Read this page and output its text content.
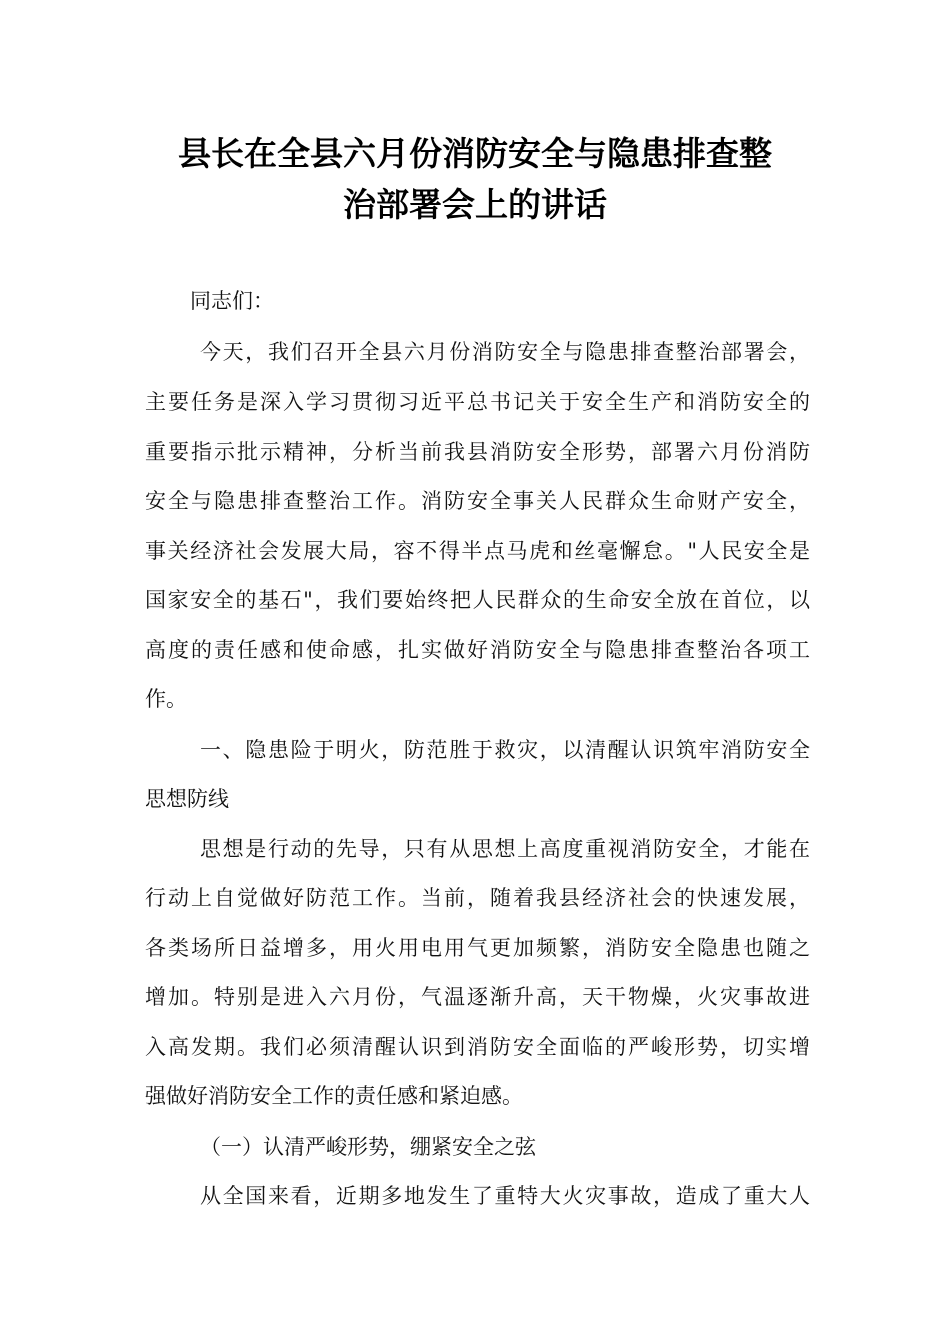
县长在全县六月份消防安全与隐患排查整
治部署会上的讲话
同志们：
今天，我们召开全县六月份消防安全与隐患排查整治部署会，
主要任务是深入学习贯彻习近平总书记关于安全生产和消防安全的
重要指示批示精神，分析当前我县消防安全形势，部署六月份消防
安全与隐患排查整治工作。消防安全事关人民群众生命财产安全，
事关经济社会发展大局，容不得半点马虎和丝毫懈怠。"人民安全是
国家安全的基石"，我们要始终把人民群众的生命安全放在首位，以
高度的责任感和使命感，扎实做好消防安全与隐患排查整治各项工
作。
一、隐患险于明火，防范胜于救灾，以清醒认识筑牢消防安全
思想防线
思想是行动的先导，只有从思想上高度重视消防安全，才能在
行动上自觉做好防范工作。当前，随着我县经济社会的快速发展，
各类场所日益增多，用火用电用气更加频繁，消防安全隐患也随之
增加。特别是进入六月份，气温逐渐升高，天干物燥，火灾事故进
入高发期。我们必须清醒认识到消防安全面临的严峻形势，切实增
强做好消防安全工作的责任感和紧迫感。
（一）认清严峻形势，绷紧安全之弦
从全国来看，近期多地发生了重特大火灾事故，造成了重大人
